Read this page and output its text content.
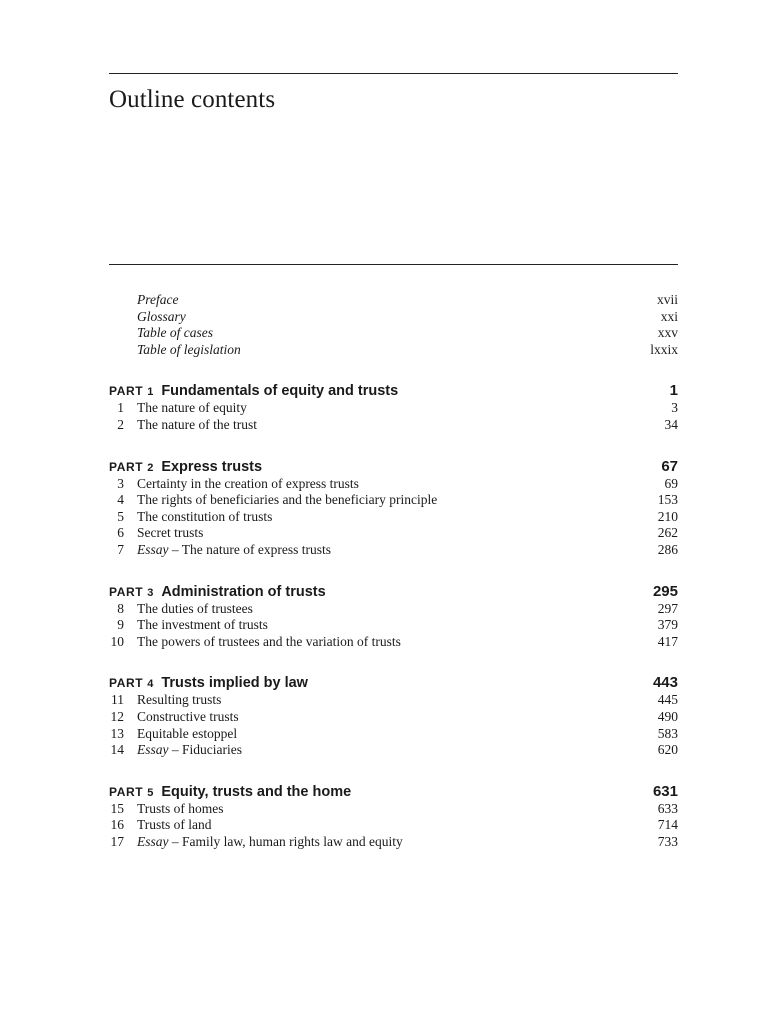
Outline contents
Preface	xvii
Glossary	xxi
Table of cases	xxv
Table of legislation	lxxix
PART 1 Fundamentals of equity and trusts	1
1 The nature of equity	3
2 The nature of the trust	34
PART 2 Express trusts	67
3 Certainty in the creation of express trusts	69
4 The rights of beneficiaries and the beneficiary principle	153
5 The constitution of trusts	210
6 Secret trusts	262
7 Essay – The nature of express trusts	286
PART 3 Administration of trusts	295
8 The duties of trustees	297
9 The investment of trusts	379
10 The powers of trustees and the variation of trusts	417
PART 4 Trusts implied by law	443
11 Resulting trusts	445
12 Constructive trusts	490
13 Equitable estoppel	583
14 Essay – Fiduciaries	620
PART 5 Equity, trusts and the home	631
15 Trusts of homes	633
16 Trusts of land	714
17 Essay – Family law, human rights law and equity	733
